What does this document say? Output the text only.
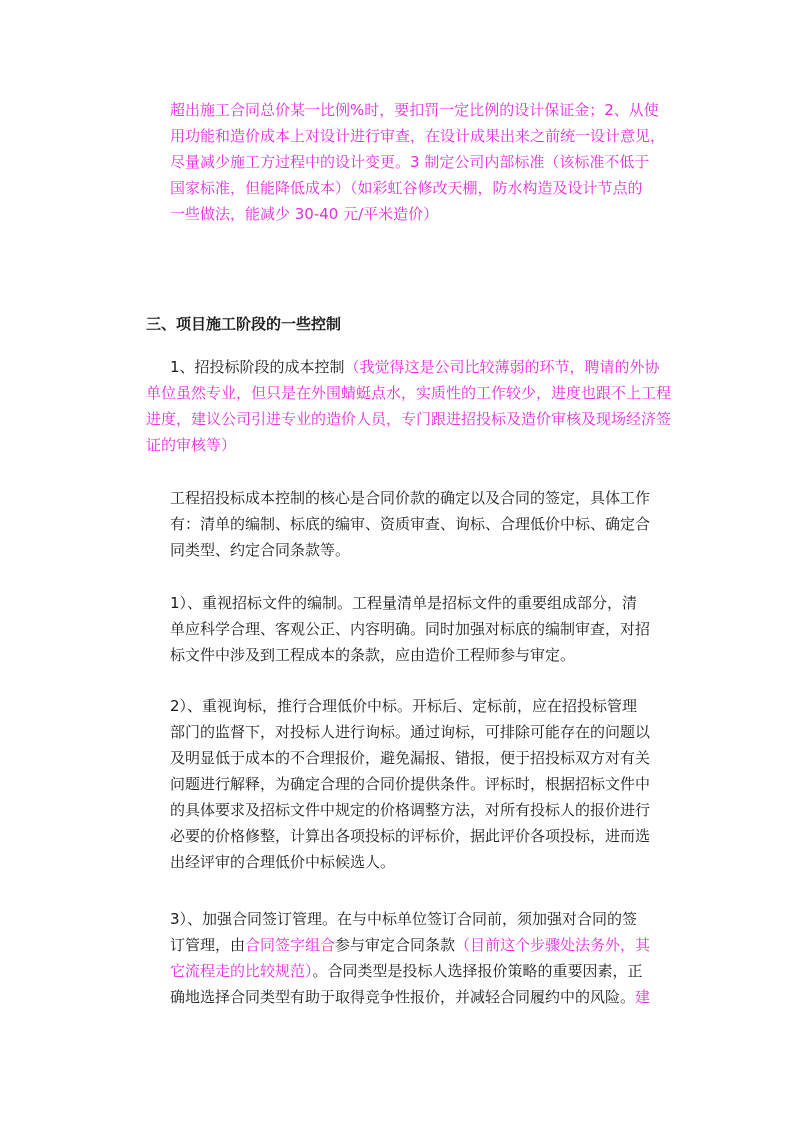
超出施工合同总价某一比例%时，要扣罚一定比例的设计保证金；2、从使
用功能和造价成本上对设计进行审查，在设计成果出来之前统一设计意见，
尽量减少施工方过程中的设计变更。3 制定公司内部标准（该标准不低于
国家标准，但能降低成本）（如彩虹谷修改天棚，防水构造及设计节点的
一些做法，能减少 30-40 元/平米造价）
三、项目施工阶段的一些控制
1、招投标阶段的成本控制（我觉得这是公司比较薄弱的环节，聘请的外协
单位虽然专业，但只是在外围蜻蜓点水，实质性的工作较少，进度也跟不上工程
进度，建议公司引进专业的造价人员，专门跟进招投标及造价审核及现场经济签
证的审核等）
工程招投标成本控制的核心是合同价款的确定以及合同的签定，具体工作
有：清单的编制、标底的编审、资质审查、询标、合理低价中标、确定合
同类型、约定合同条款等。
1）、重视招标文件的编制。工程量清单是招标文件的重要组成部分，清
单应科学合理、客观公正、内容明确。同时加强对标底的编制审查，对招
标文件中涉及到工程成本的条款，应由造价工程师参与审定。
2）、重视询标，推行合理低价中标。开标后、定标前，应在招投标管理
部门的监督下，对投标人进行询标。通过询标，可排除可能存在的问题以
及明显低于成本的不合理报价，避免漏报、错报，便于招投标双方对有关
问题进行解释，为确定合理的合同价提供条件。评标时，根据招标文件中
的具体要求及招标文件中规定的价格调整方法，对所有投标人的报价进行
必要的价格修整，计算出各项投标的评标价，据此评价各项投标，进而选
出经评审的合理低价中标候选人。
3）、加强合同签订管理。在与中标单位签订合同前，须加强对合同的签
订管理，由合同签字组合参与审定合同条款（目前这个步骤处法务外，其
它流程走的比较规范）。合同类型是投标人选择报价策略的重要因素，正
确地选择合同类型有助于取得竞争性报价，并减轻合同履约中的风险。建
